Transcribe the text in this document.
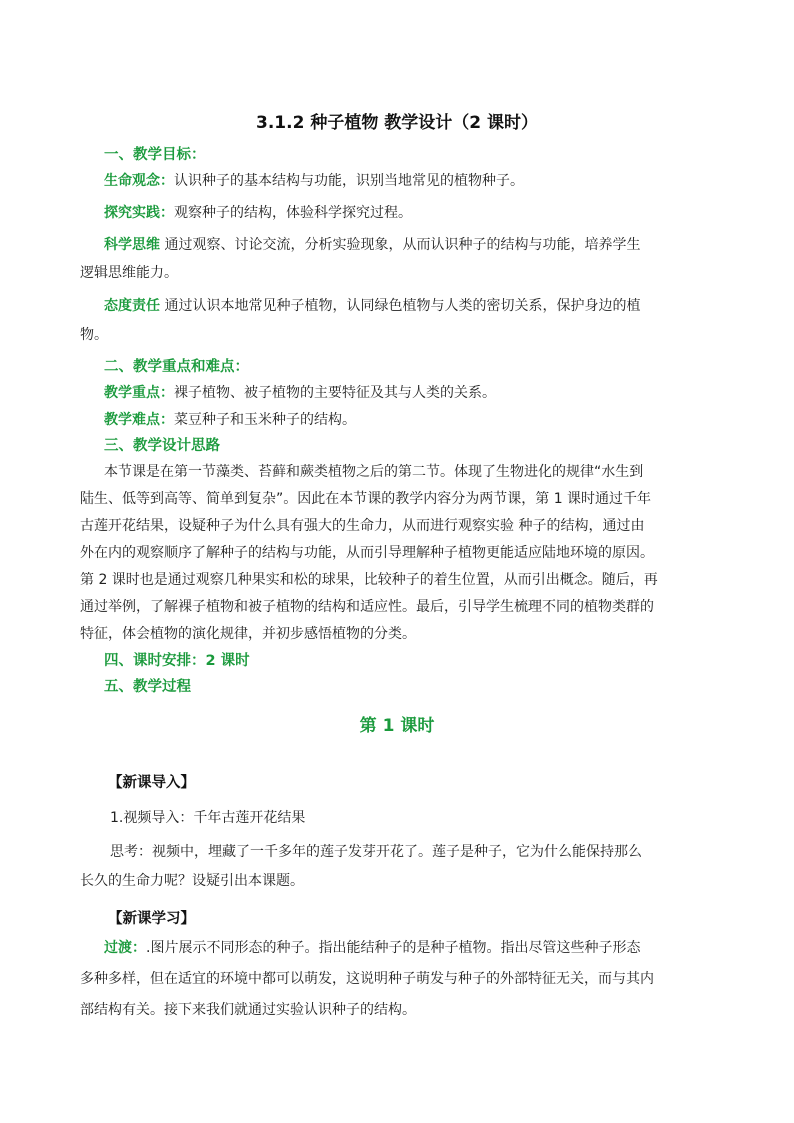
3.1.2 种子植物 教学设计（2 课时）
一、教学目标：
生命观念：认识种子的基本结构与功能，识别当地常见的植物种子。
探究实践：观察种子的结构，体验科学探究过程。
科学思维 通过观察、讨论交流，分析实验现象，从而认识种子的结构与功能，培养学生
逻辑思维能力。
态度责任 通过认识本地常见种子植物，认同绿色植物与人类的密切关系，保护身边的植
物。
二、教学重点和难点：
教学重点：裸子植物、被子植物的主要特征及其与人类的关系。
教学难点：菜豆种子和玉米种子的结构。
三、教学设计思路
本节课是在第一节藻类、苔藓和蕨类植物之后的第二节。体现了生物进化的规律“水生到
陆生、低等到高等、简单到复杂”。因此在本节课的教学内容分为两节课，第 1 课时通过千年
古莲开花结果，设疑种子为什么具有强大的生命力，从而进行观察实验 种子的结构，通过由
外在内的观察顺序了解种子的结构与功能，从而引导理解种子植物更能适应陆地环境的原因。
第 2 课时也是通过观察几种果实和松的球果，比较种子的着生位置，从而引出概念。随后，再
通过举例，了解裸子植物和被子植物的结构和适应性。最后，引导学生梳理不同的植物类群的
特征，体会植物的演化规律，并初步感悟植物的分类。
四、课时安排：2 课时
五、教学过程
第 1 课时
【新课导入】
1.视频导入：千年古莲开花结果
思考：视频中，埋藏了一千多年的莲子发芽开花了。莲子是种子，它为什么能保持那么
长久的生命力呢？设疑引出本课题。
【新课学习】
过渡：.图片展示不同形态的种子。指出能结种子的是种子植物。指出尽管这些种子形态
多种多样，但在适宜的环境中都可以萌发，这说明种子萌发与种子的外部特征无关，而与其内
部结构有关。接下来我们就通过实验认识种子的结构。
